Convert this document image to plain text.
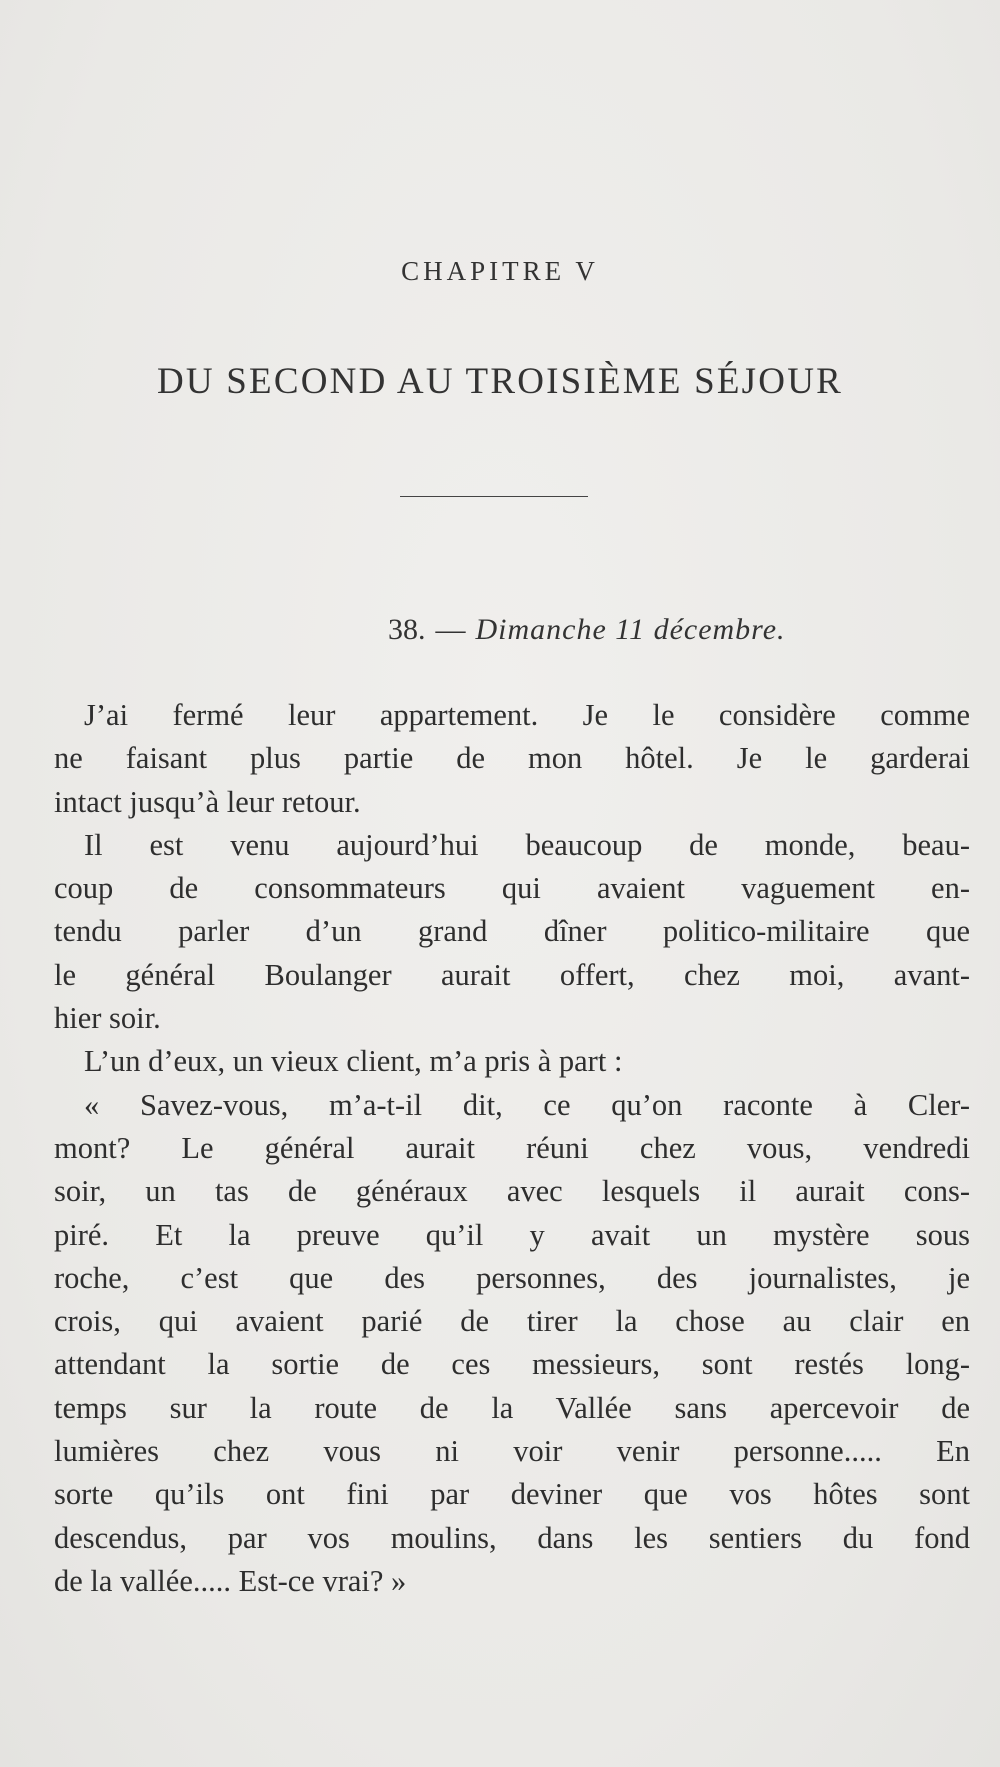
CHAPITRE V
DU SECOND AU TROISIÈME SÉJOUR
38. — Dimanche 11 décembre.
J’ai fermé leur appartement. Je le considère comme
ne faisant plus partie de mon hôtel. Je le garderai
intact jusqu’à leur retour.
Il est venu aujourd’hui beaucoup de monde, beau-
coup de consommateurs qui avaient vaguement en-
tendu parler d’un grand dîner politico-militaire que
le général Boulanger aurait offert, chez moi, avant-
hier soir.
L’un d’eux, un vieux client, m’a pris à part :
« Savez-vous, m’a-t-il dit, ce qu’on raconte à Cler-
mont? Le général aurait réuni chez vous, vendredi
soir, un tas de généraux avec lesquels il aurait cons-
piré. Et la preuve qu’il y avait un mystère sous
roche, c’est que des personnes, des journalistes, je
crois, qui avaient parié de tirer la chose au clair en
attendant la sortie de ces messieurs, sont restés long-
temps sur la route de la Vallée sans apercevoir de
lumières chez vous ni voir venir personne..... En
sorte qu’ils ont fini par deviner que vos hôtes sont
descendus, par vos moulins, dans les sentiers du fond
de la vallée..... Est-ce vrai? »
